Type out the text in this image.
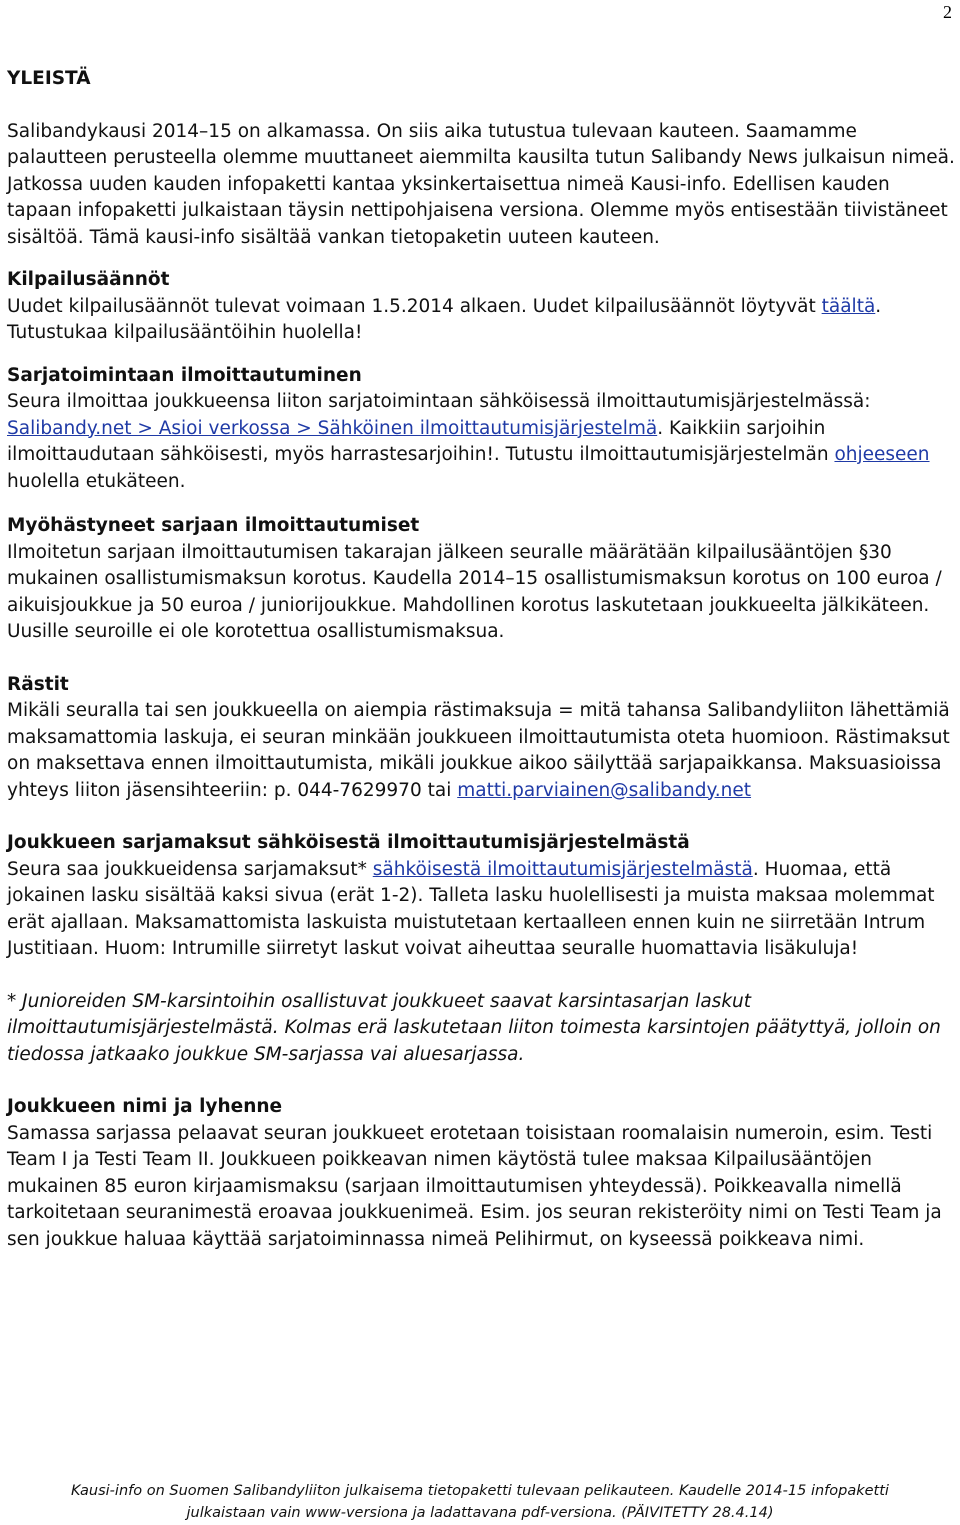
2

YLEISTÄ

Salibandykausi 2014–15 on alkamassa. On siis aika tutustua tulevaan kauteen. Saamamme palautteen perusteella olemme muuttaneet aiemmilta kausilta tutun Salibandy News julkaisun nimeä. Jatkossa uuden kauden infopaketti kantaa yksinkertaisettua nimeä Kausi-info. Edellisen kauden tapaan infopaketti julkaistaan täysin nettipohjaisena versiona. Olemme myös entisestään tiivistäneet sisältöä. Tämä kausi-info sisältää vankan tietopaketin uuteen kauteen.

Kilpailusäännöt

Uudet kilpailusäännöt tulevat voimaan 1.5.2014 alkaen. Uudet kilpailusäännöt löytyvät täältä. Tutustukaa kilpailusääntöihin huolella!

Sarjatoimintaan ilmoittautuminen

Seura ilmoittaa joukkueensa liiton sarjatoimintaan sähköisessä ilmoittautumisjärjestelmässä: Salibandy.net > Asioi verkossa > Sähköinen ilmoittautumisjärjestelmä. Kaikkiin sarjoihin ilmoittaudutaan sähköisesti, myös harrastesarjoihin!. Tutustu ilmoittautumisjärjestelmän ohjeeseen huolella etukäteen.

Myöhästyneet sarjaan ilmoittautumiset

Ilmoitetun sarjaan ilmoittautumisen takarajan jälkeen seuralle määrätään kilpailusääntöjen §30 mukainen osallistumismaksun korotus. Kaudella 2014–15 osallistumismaksun korotus on 100 euroa / aikuisjoukkue ja 50 euroa / juniorijoukkue. Mahdollinen korotus laskutetaan joukkueelta jälkikäteen. Uusille seuroille ei ole korotettua osallistumismaksua.

Rästit

Mikäli seuralla tai sen joukkueella on aiempia rästimaksuja = mitä tahansa Salibandyliiton lähettämiä maksamattomia laskuja, ei seuran minkään joukkueen ilmoittautumista oteta huomioon. Rästimaksut on maksettava ennen ilmoittautumista, mikäli joukkue aikoo säilyttää sarjapaikkansa. Maksuasioissa yhteys liiton jäsensihteeriin: p. 044-7629970 tai matti.parviainen@salibandy.net

Joukkueen sarjamaksut sähköisestä ilmoittautumisjärjestelmästä

Seura saa joukkueidensa sarjamaksut* sähköisestä ilmoittautumisjärjestelmästä. Huomaa, että jokainen lasku sisältää kaksi sivua (erät 1-2). Talleta lasku huolellisesti ja muista maksaa molemmat erät ajallaan. Maksamattomista laskuista muistutetaan kertaalleen ennen kuin ne siirretään Intrum Justitiaan. Huom: Intrumille siirretyt laskut voivat aiheuttaa seuralle huomattavia lisäkuluja!

* Junioreiden SM-karsintoihin osallistuvat joukkueet saavat karsintasarjan laskut ilmoittautumisjärjestelmästä. Kolmas erä laskutetaan liiton toimesta karsintojen päätyttyä, jolloin on tiedossa jatkaako joukkue SM-sarjassa vai aluesarjassa.

Joukkueen nimi ja lyhenne

Samassa sarjassa pelaavat seuran joukkueet erotetaan toisistaan roomalaisin numeroin, esim. Testi Team I ja Testi Team II. Joukkueen poikkeavan nimen käytöstä tulee maksaa Kilpailusääntöjen mukainen 85 euron kirjaamismaksu (sarjaan ilmoittautumisen yhteydessä). Poikkeavalla nimellä tarkoitetaan seuranimestä eroavaa joukkuenimeä. Esim. jos seuran rekisteröity nimi on Testi Team ja sen joukkue haluaa käyttää sarjatoiminnassa nimeä Pelihirmut, on kyseessä poikkeava nimi.

Kausi-info on Suomen Salibandyliiton julkaisema tietopaketti tulevaan pelikauteen. Kaudelle 2014-15 infopaketti
julkaistaan vain www-versiona ja ladattavana pdf-versiona. (PÄIVITETTY 28.4.14)
